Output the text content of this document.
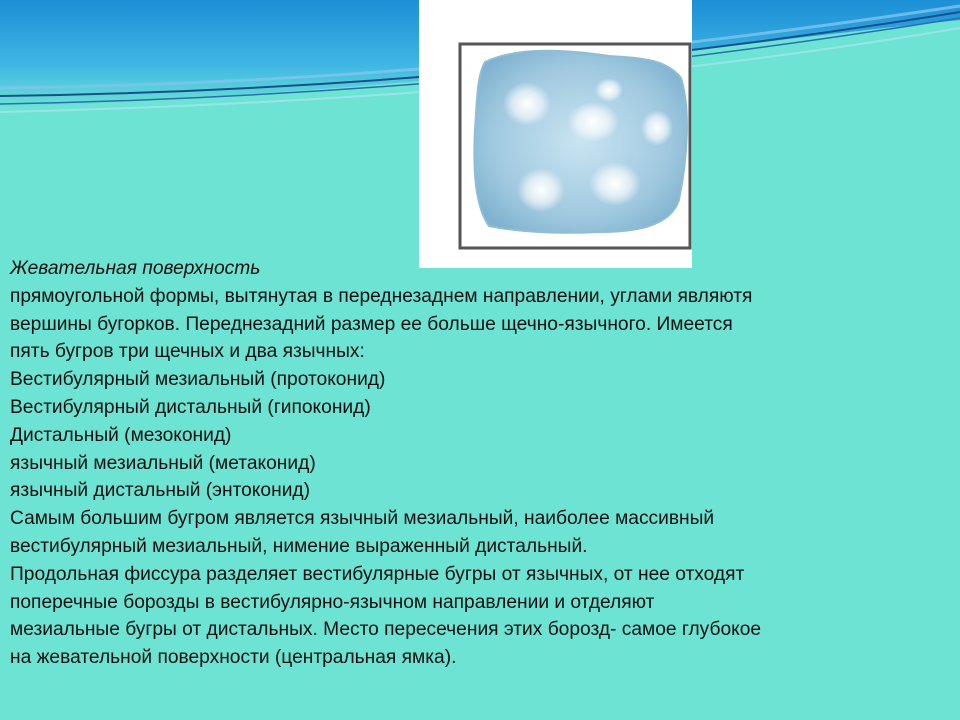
Жевательная поверхность

прямоугольной формы, вытянутая в переднезаднем направлении, углами являютя

вершины бугорков. Переднезадний размер ее больше щечно-язычного. Имеется

пять бугров три щечных и два язычных:

Вестибулярный мезиальный (протоконид)

Вестибулярный дистальный (гипоконид)

Дистальный (мезоконид)

язычный мезиальный (метаконид)

язычный дистальный (энтоконид)

Самым большим бугром является язычный мезиальный, наиболее массивный

вестибулярный мезиальный, нимение выраженный дистальный.

Продольная фиссура разделяет вестибулярные бугры от язычных, от нее отходят

поперечные борозды в вестибулярно-язычном направлении и отделяют

мезиальные бугры от дистальных. Место пересечения этих борозд- самое глубокое

на жевательной поверхности (центральная ямка).
